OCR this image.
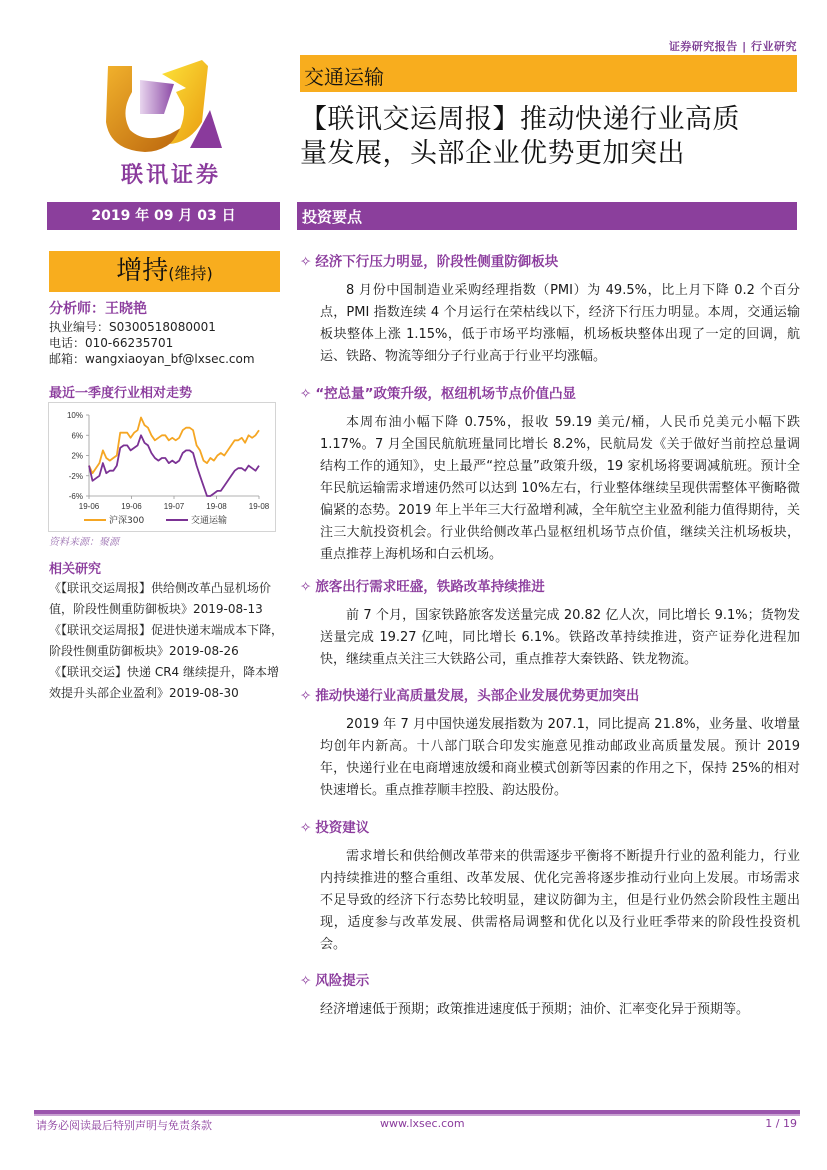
证券研究报告 | 行业研究
联讯证券
交通运输
【联讯交运周报】推动快递行业高质
量发展，头部企业优势更加突出
2019 年 09 月 03 日
增持(维持)
分析师：王晓艳
执业编号：S0300518080001
电话：010-66235701
邮箱：wangxiaoyan_bf@lxsec.com
最近一季度行业相对走势
10%
6%
2%
-2%
-6%
19-06	19-06	19-07	19-08	19-08
沪深300	交通运输
资料来源：聚源
相关研究
《【联讯交运周报】供给侧改革凸显机场价值，阶段性侧重防御板块》2019-08-13
《【联讯交运周报】促进快递末端成本下降，阶段性侧重防御板块》2019-08-26
《【联讯交运】快递 CR4 继续提升，降本增效提升头部企业盈利》2019-08-30
投资要点
✧ 经济下行压力明显，阶段性侧重防御板块
8 月份中国制造业采购经理指数（PMI）为 49.5%，比上月下降 0.2 个百分点，PMI 指数连续 4 个月运行在荣枯线以下，经济下行压力明显。本周，交通运输板块整体上涨 1.15%，低于市场平均涨幅，机场板块整体出现了一定的回调，航运、铁路、物流等细分子行业高于行业平均涨幅。
✧ “控总量”政策升级，枢纽机场节点价值凸显
本周布油小幅下降 0.75%，报收 59.19 美元/桶，人民币兑美元小幅下跌 1.17%。7 月全国民航航班量同比增长 8.2%，民航局发《关于做好当前控总量调结构工作的通知》，史上最严“控总量”政策升级，19 家机场将要调减航班。预计全年民航运输需求增速仍然可以达到 10%左右，行业整体继续呈现供需整体平衡略微偏紧的态势。2019 年上半年三大行盈增利减，全年航空主业盈利能力值得期待，关注三大航投资机会。行业供给侧改革凸显枢纽机场节点价值，继续关注机场板块，重点推荐上海机场和白云机场。
✧ 旅客出行需求旺盛，铁路改革持续推进
前 7 个月，国家铁路旅客发送量完成 20.82 亿人次，同比增长 9.1%；货物发送量完成 19.27 亿吨，同比增长 6.1%。铁路改革持续推进，资产证券化进程加快，继续重点关注三大铁路公司，重点推荐大秦铁路、铁龙物流。
✧ 推动快递行业高质量发展，头部企业发展优势更加突出
2019 年 7 月中国快递发展指数为 207.1，同比提高 21.8%，业务量、收增量均创年内新高。十八部门联合印发实施意见推动邮政业高质量发展。预计 2019 年，快递行业在电商增速放缓和商业模式创新等因素的作用之下，保持 25%的相对快速增长。重点推荐顺丰控股、韵达股份。
✧ 投资建议
需求增长和供给侧改革带来的供需逐步平衡将不断提升行业的盈利能力，行业内持续推进的整合重组、改革发展、优化完善将逐步推动行业向上发展。市场需求不足导致的经济下行态势比较明显，建议防御为主，但是行业仍然会阶段性主题出现，适度参与改革发展、供需格局调整和优化以及行业旺季带来的阶段性投资机会。
✧ 风险提示
经济增速低于预期；政策推进速度低于预期；油价、汇率变化异于预期等。
请务必阅读最后特别声明与免责条款	www.lxsec.com	1 / 19
